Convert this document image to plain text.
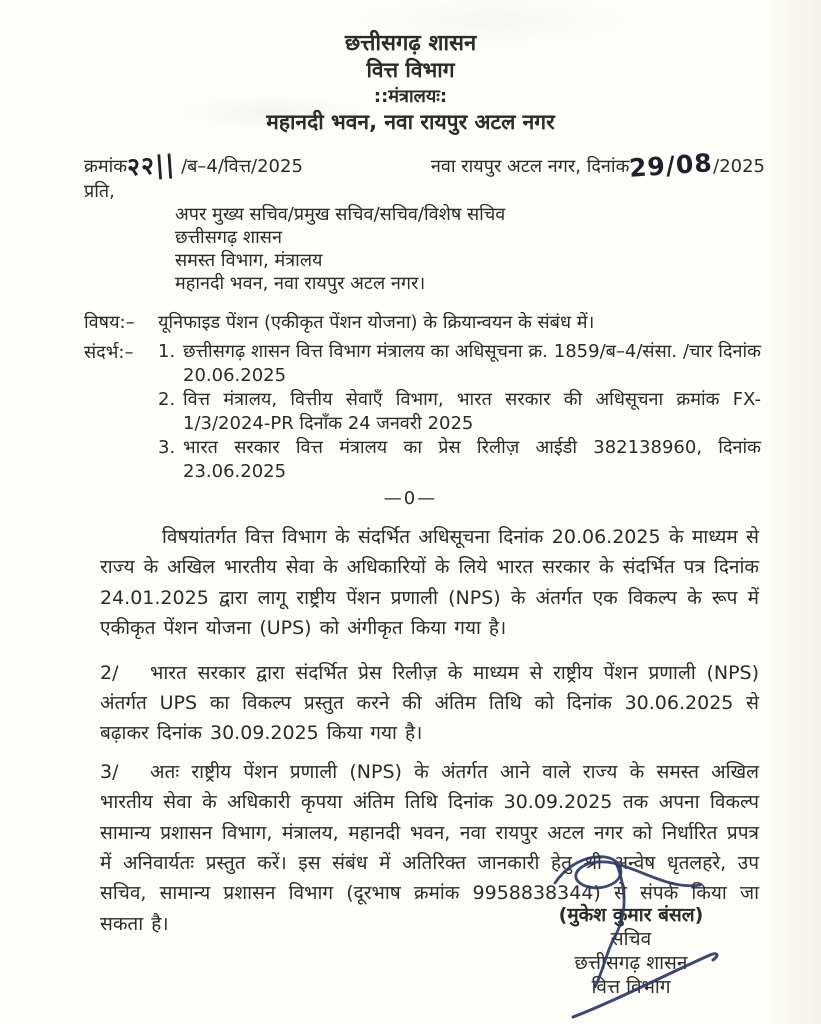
छत्तीसगढ़ शासन
वित्त विभाग
::मंत्रालयः:
महानदी भवन, नवा रायपुर अटल नगर
क्रमांक२२|| /ब–4/वित्त/2025	नवा रायपुर अटल नगर, दिनांक29/08/2025
प्रति,
अपर मुख्य सचिव/प्रमुख सचिव/सचिव/विशेष सचिव
छत्तीसगढ़ शासन
समस्त विभाग, मंत्रालय
महानदी भवन, नवा रायपुर अटल नगर।
विषय:–	यूनिफाइड पेंशन (एकीकृत पेंशन योजना) के क्रियान्वयन के संबंध में।
संदर्भ:–	1. छत्तीसगढ़ शासन वित्त विभाग मंत्रालय का अधिसूचना क्र. 1859/ब–4/संसा. /चार दिनांक 20.06.2025
2. वित्त मंत्रालय, वित्तीय सेवाएँ विभाग, भारत सरकार की अधिसूचना क्रमांक FX-1/3/2024-PR दिनाँक 24 जनवरी 2025
3. भारत सरकार वित्त मंत्रालय का प्रेस रिलीज़ आईडी 382138960, दिनांक 23.06.2025
—0—
विषयांतर्गत वित्त विभाग के संदर्भित अधिसूचना दिनांक 20.06.2025 के माध्यम से राज्य के अखिल भारतीय सेवा के अधिकारियों के लिये भारत सरकार के संदर्भित पत्र दिनांक 24.01.2025 द्वारा लागू राष्ट्रीय पेंशन प्रणाली (NPS) के अंतर्गत एक विकल्प के रूप में एकीकृत पेंशन योजना (UPS) को अंगीकृत किया गया है।
2/ भारत सरकार द्वारा संदर्भित प्रेस रिलीज़ के माध्यम से राष्ट्रीय पेंशन प्रणाली (NPS) अंतर्गत UPS का विकल्प प्रस्तुत करने की अंतिम तिथि को दिनांक 30.06.2025 से बढ़ाकर दिनांक 30.09.2025 किया गया है।
3/ अतः राष्ट्रीय पेंशन प्रणाली (NPS) के अंतर्गत आने वाले राज्य के समस्त अखिल भारतीय सेवा के अधिकारी कृपया अंतिम तिथि दिनांक 30.09.2025 तक अपना विकल्प सामान्य प्रशासन विभाग, मंत्रालय, महानदी भवन, नवा रायपुर अटल नगर को निर्धारित प्रपत्र में अनिवार्यतः प्रस्तुत करें। इस संबंध में अतिरिक्त जानकारी हेतु श्री अन्वेष धृतलहरे, उप सचिव, सामान्य प्रशासन विभाग (दूरभाष क्रमांक 9958838344) से संपर्क किया जा सकता है।	(मुकेश कुमार बंसल)
सचिव
छत्तीसगढ़ शासन
वित्त विभाग
